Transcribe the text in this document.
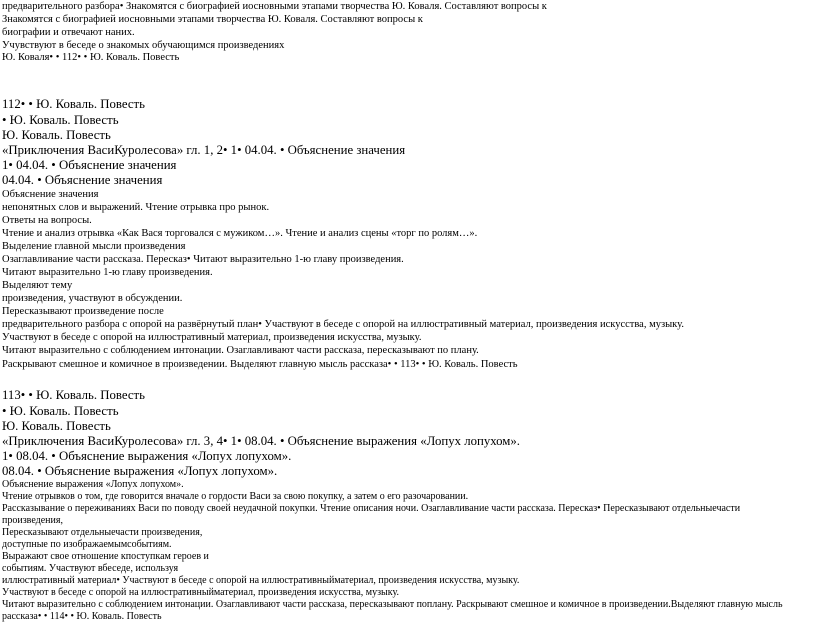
предварительного разбора• Знакомятся с биографией иосновными этапами творчества Ю. Коваля. Составляют вопросы к
Знакомятся с биографией иосновными этапами творчества Ю. Коваля. Составляют вопросы к
биографии и отвечают наних.
Учувствуют в беседе о знакомых обучающимся произведениях
Ю. Коваля• • 112• • Ю. Коваль. Повесть
112• • Ю. Коваль. Повесть
• Ю. Коваль. Повесть
Ю. Коваль. Повесть
«Приключения ВасиКуролесова» гл. 1, 2• 1• 04.04. • Объяснение значения
1• 04.04. • Объяснение значения
04.04. • Объяснение значения
Объяснение значения
непонятных слов и выражений. Чтение отрывка про рынок.
Ответы на вопросы.
Чтение и анализ отрывка «Как Вася торговался с мужиком…». Чтение и анализ сцены «торг по ролям…».
Выделение главной мысли произведения
Озаглавливание части рассказа. Пересказ• Читают выразительно 1-ю главу произведения.
Читают выразительно 1-ю главу произведения.
Выделяют тему
произведения, участвуют в обсуждении.
Пересказывают произведение после
предварительного разбора с опорой на развёрнутый план• Участвуют в беседе с опорой на иллюстративный материал, произведения искусства, музыку.
Участвуют в беседе с опорой на иллюстративный материал, произведения искусства, музыку.
Читают выразительно с соблюдением интонации. Озаглавливают части рассказа, пересказывают по плану.
Раскрывают смешное и комичное в произведении. Выделяют главную мысль рассказа• • 113• • Ю. Коваль. Повесть
113• • Ю. Коваль. Повесть
• Ю. Коваль. Повесть
Ю. Коваль. Повесть
«Приключения ВасиКуролесова» гл. 3, 4• 1• 08.04. • Объяснение выражения «Лопух лопухом».
1• 08.04. • Объяснение выражения «Лопух лопухом».
08.04. • Объяснение выражения «Лопух лопухом».
Объяснение выражения «Лопух лопухом».
Чтение отрывков о том, где говорится вначале о гордости Васи за свою покупку, а затем о его разочаровании.
Рассказывание о переживаниях Васи по поводу своей неудачной покупки. Чтение описания ночи. Озаглавливание части рассказа. Пересказ• Пересказывают отдельныечасти
произведения,
Пересказывают отдельныечасти произведения,
доступные по изображаемымсобытиям.
Выражают свое отношение кпоступкам героев и
событиям. Участвуют вбеседе, используя
иллюстративный материал• Участвуют в беседе с опорой на иллюстративныйматериал, произведения искусства, музыку.
Участвуют в беседе с опорой на иллюстративныйматериал, произведения искусства, музыку.
Читают выразительно с соблюдением интонации. Озаглавливают части рассказа, пересказывают поплану. Раскрывают смешное и комичное в произведении.Выделяют главную мысль
рассказа• • 114• • Ю. Коваль. Повесть
